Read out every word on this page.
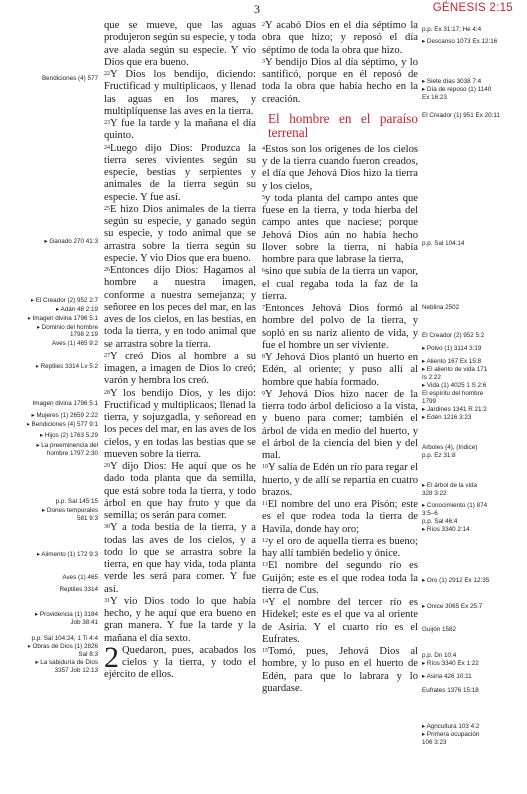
3	GÉNESIS 2:15
Bendiciones (4) 577
▸ Ganado 270 41:3
▸ El Creador (2) 952 2:7
▸ Adán 48 2:19
▸ Imagen divina 1796 5:1
▸ Dominio del hombre
1798 2:19
Aves (1) 465 9:2
▸ Reptiles 3314 Lv 5:2
Imagen divina 1796 5:1
▸ Mujeres (1) 2659 2:22
▸ Bendiciones (4) 577 9:1
▸ Hijos (2) 1763 5:29
▸ La preeminencia del
hombre 1797 2:30
p.p. Sal 145:15
▸ Dones temporales
581 9:3
▸ Alimento (1) 172 9:3
Aves (1) 465
Reptiles 3314
▸ Providencia (1) 3184
Job 38:41
p.p. Sal 104:24; 1 Ti 4:4
▸ Obras de Dios (1) 2826
Sal 8:3
▸ La sabiduría de Dios
3357 Job 12:13
p.p. Éx 31:17; He 4:4
▸ Descanso 1073 Éx 12:16
▸ Siete días 3038 7:4
▸ Día de reposo (1) 1140
Éx 16:23
El Creador (1) 951 Éx 20:11
p.p. Sal 104:14
Neblina 2502
El Creador (2) 952 5:2
▸ Polvo (1) 3114 3:19
▸ Aliento 167 Éx 15:8
▸ El aliento de vida 171
Is 2:22
▸ Vida (1) 4025 1 S 2:6
El espíritu del hombre
1799
▸ Jardines 1341 R 21:2
▸ Edén 1216 3:23
Árboles (4), (Índice)
p.p. Ez 31:8
▸ El árbol de la vida
328 3:22
▸ Conocimiento (1) 874
3:5–6
p.p. Sal 46:4
▸ Ríos 3340 2:14
▸ Oro (1) 2912 Éx 12:35
▸ Ónice 3065 Éx 25:7
Guijón 1582
p.p. Dn 10:4
▸ Ríos 3340 Éx 1:22
▸ Asiria 426 10:11
Eufrates 1376 15:18
▸ Agricultura 103 4:2
▸ Primera ocupación
106 3:23
que se mueve, que las aguas produjeron según su especie, y toda ave alada según su especie. Y vio Dios que era bueno.
$^{22}$Y Dios los bendijo, diciendo: Fructificad y multiplicaos, y llenad las aguas en los mares, y multiplíquense las aves en la tierra.
$^{23}$Y fue la tarde y la mañana el día quinto.
$^{24}$Luego dijo Dios: Produzca la tierra seres vivientes según su especie, bestias y serpientes y animales de la tierra según su especie. Y fue así.
$^{25}$E hizo Dios animales de la tierra según su especie, y ganado según su especie, y todo animal que se arrastra sobre la tierra según su especie. Y vio Dios que era bueno.
$^{26}$Entonces dijo Dios: Hagamos al hombre a nuestra imagen, conforme a nuestra semejanza; y señoree en los peces del mar, en las aves de los cielos, en las bestias, en toda la tierra, y en todo animal que se arrastra sobre la tierra.
$^{27}$Y creó Dios al hombre a su imagen, a imagen de Dios lo creó; varón y hembra los creó.
$^{28}$Y los bendijo Dios, y les dijo: Fructificad y multiplicaos; llenad la tierra, y sojuzgadla, y señoread en los peces del mar, en las aves de los cielos, y en todas las bestias que se mueven sobre la tierra.
$^{29}$Y dijo Dios: He aquí que os he dado toda planta que da semilla, que está sobre toda la tierra, y todo árbol en que hay fruto y que da semilla; os serán para comer.
$^{30}$Y a toda bestia de la tierra, y a todas las aves de los cielos, y a todo lo que se arrastra sobre la tierra, en que hay vida, toda planta verde les será para comer. Y fue así.
$^{31}$Y vio Dios todo lo que había hecho, y he aquí que era bueno en gran manera. Y fue la tarde y la mañana el día sexto.
2 Quedaron, pues, acabados los cielos y la tierra, y todo el ejército de ellos.
$^2$Y acabó Dios en el día séptimo la obra que hizo; y reposó el día séptimo de toda la obra que hizo.
$^3$Y bendijo Dios al día séptimo, y lo santificó, porque en él reposó de toda la obra que había hecho en la creación.
El hombre en el paraíso terrenal
$^4$Estos son los orígenes de los cielos y de la tierra cuando fueron creados, el día que Jehová Dios hizo la tierra y los cielos,
$^5$y toda planta del campo antes que fuese en la tierra, y toda hierba del campo antes que naciese; porque Jehová Dios aún no había hecho llover sobre la tierra, ni había hombre para que labrase la tierra,
$^6$sino que subía de la tierra un vapor, el cual regaba toda la faz de la tierra.
$^7$Entonces Jehová Dios formó al hombre del polvo de la tierra, y sopló en su nariz aliento de vida, y fue el hombre un ser viviente.
$^8$Y Jehová Dios plantó un huerto en Edén, al oriente; y puso allí al hombre que había formado.
$^9$Y Jehová Dios hizo nacer de la tierra todo árbol delicioso a la vista, y bueno para comer; también el árbol de vida en medio del huerto, y el árbol de la ciencia del bien y del mal.
$^{10}$Y salía de Edén un río para regar el huerto, y de allí se repartía en cuatro brazos.
$^{11}$El nombre del uno era Pisón; este es el que rodea toda la tierra de Havila, donde hay oro;
$^{12}$y el oro de aquella tierra es bueno; hay allí también bedelio y ónice.
$^{13}$El nombre del segundo río es Guijón; este es el que rodea toda la tierra de Cus.
$^{14}$Y el nombre del tercer río es Hidekel; este es el que va al oriente de Asiria. Y el cuarto río es el Eufrates.
$^{15}$Tomó, pues, Jehová Dios al hombre, y lo puso en el huerto de Edén, para que lo labrara y lo guardase.
